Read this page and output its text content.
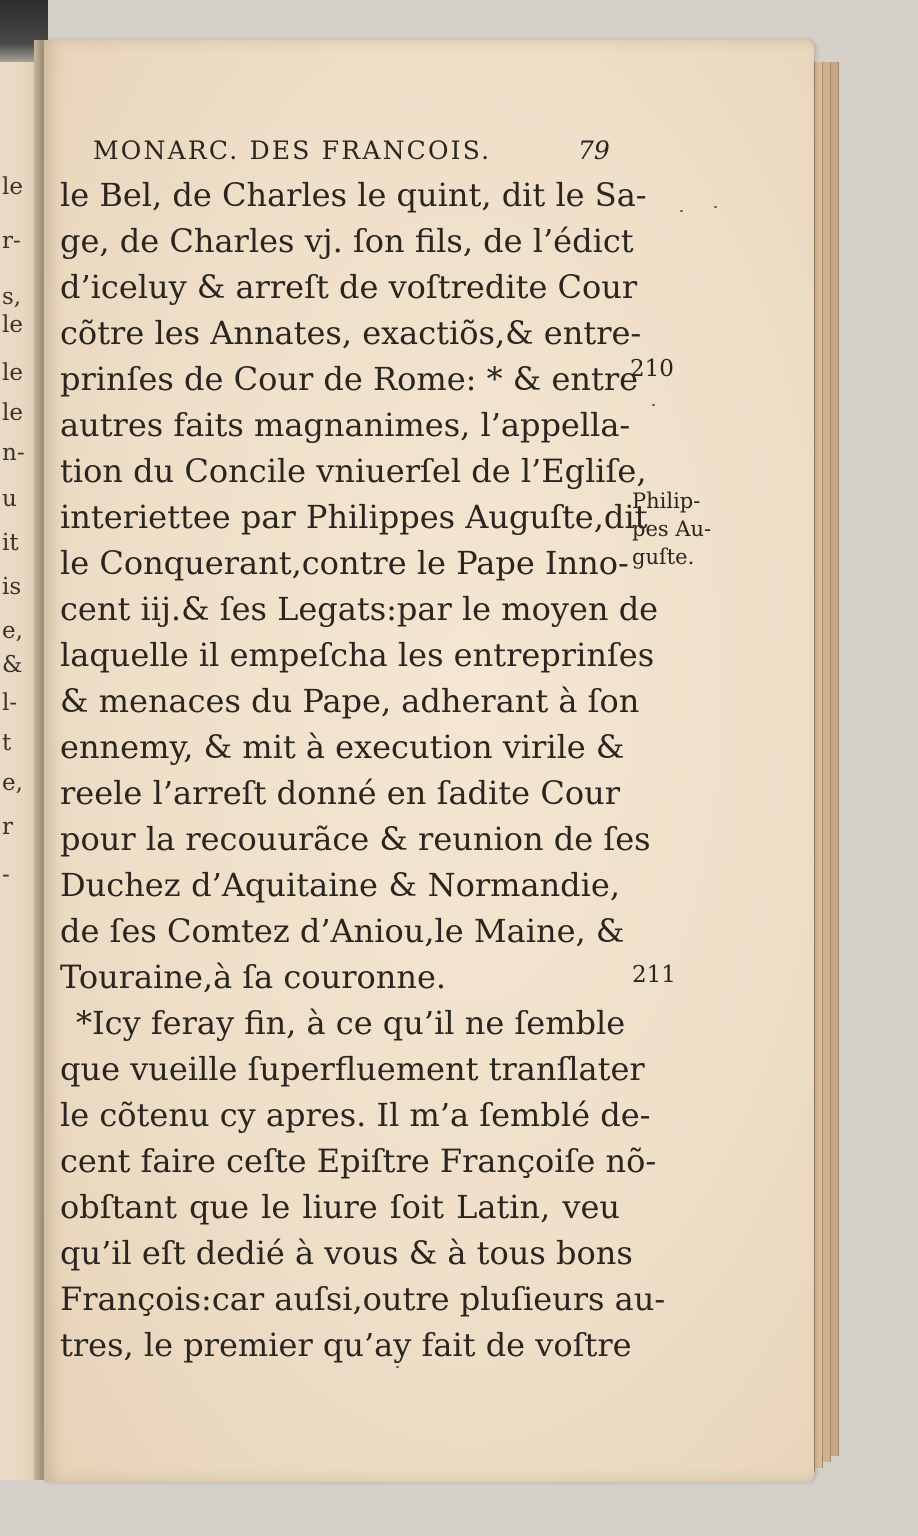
le
r-
s,
le
le
le
n-
u
it
is
e,
&
l-
t
e,
r
-
MONARC. DES FRANCOIS.	79
le Bel, de Charles le quint, dit le Sa-
ge, de Charles vj. ſon fils, de l’édict
d’iceluy & arreſt de voſtredite Cour
cõtre les Annates, exactiõs,& entre-
prinſes de Cour de Rome: * & entre
autres faits magnanimes, l’appella-
tion du Concile vniuerſel de l’Egliſe,
interiettee par Philippes Auguſte,dit
le Conquerant,contre le Pape Inno-
cent iij.& ſes Legats:par le moyen de
laquelle il empeſcha les entreprinſes
& menaces du Pape, adherant à ſon
ennemy, & mit à execution virile &
reele l’arreſt donné en ſadite Cour
pour la recouurãce & reunion de ſes
Duchez d’Aquitaine & Normandie,
de ſes Comtez d’Aniou,le Maine, &
Touraine,à ſa couronne.
*Icy feray fin, à ce qu’il ne ſemble
que vueille ſuperfluement tranſlater
le cõtenu cy apres. Il m’a ſemblé de-
cent faire ceſte Epiſtre Françoiſe nõ-
obſtant que le liure ſoit Latin, veu
qu’il eſt dedié à vous & à tous bons
François:car auſsi,outre pluſieurs au-
tres, le premier qu’ay fait de voſtre
210
Philip-
pes Au-
guſte.
211
